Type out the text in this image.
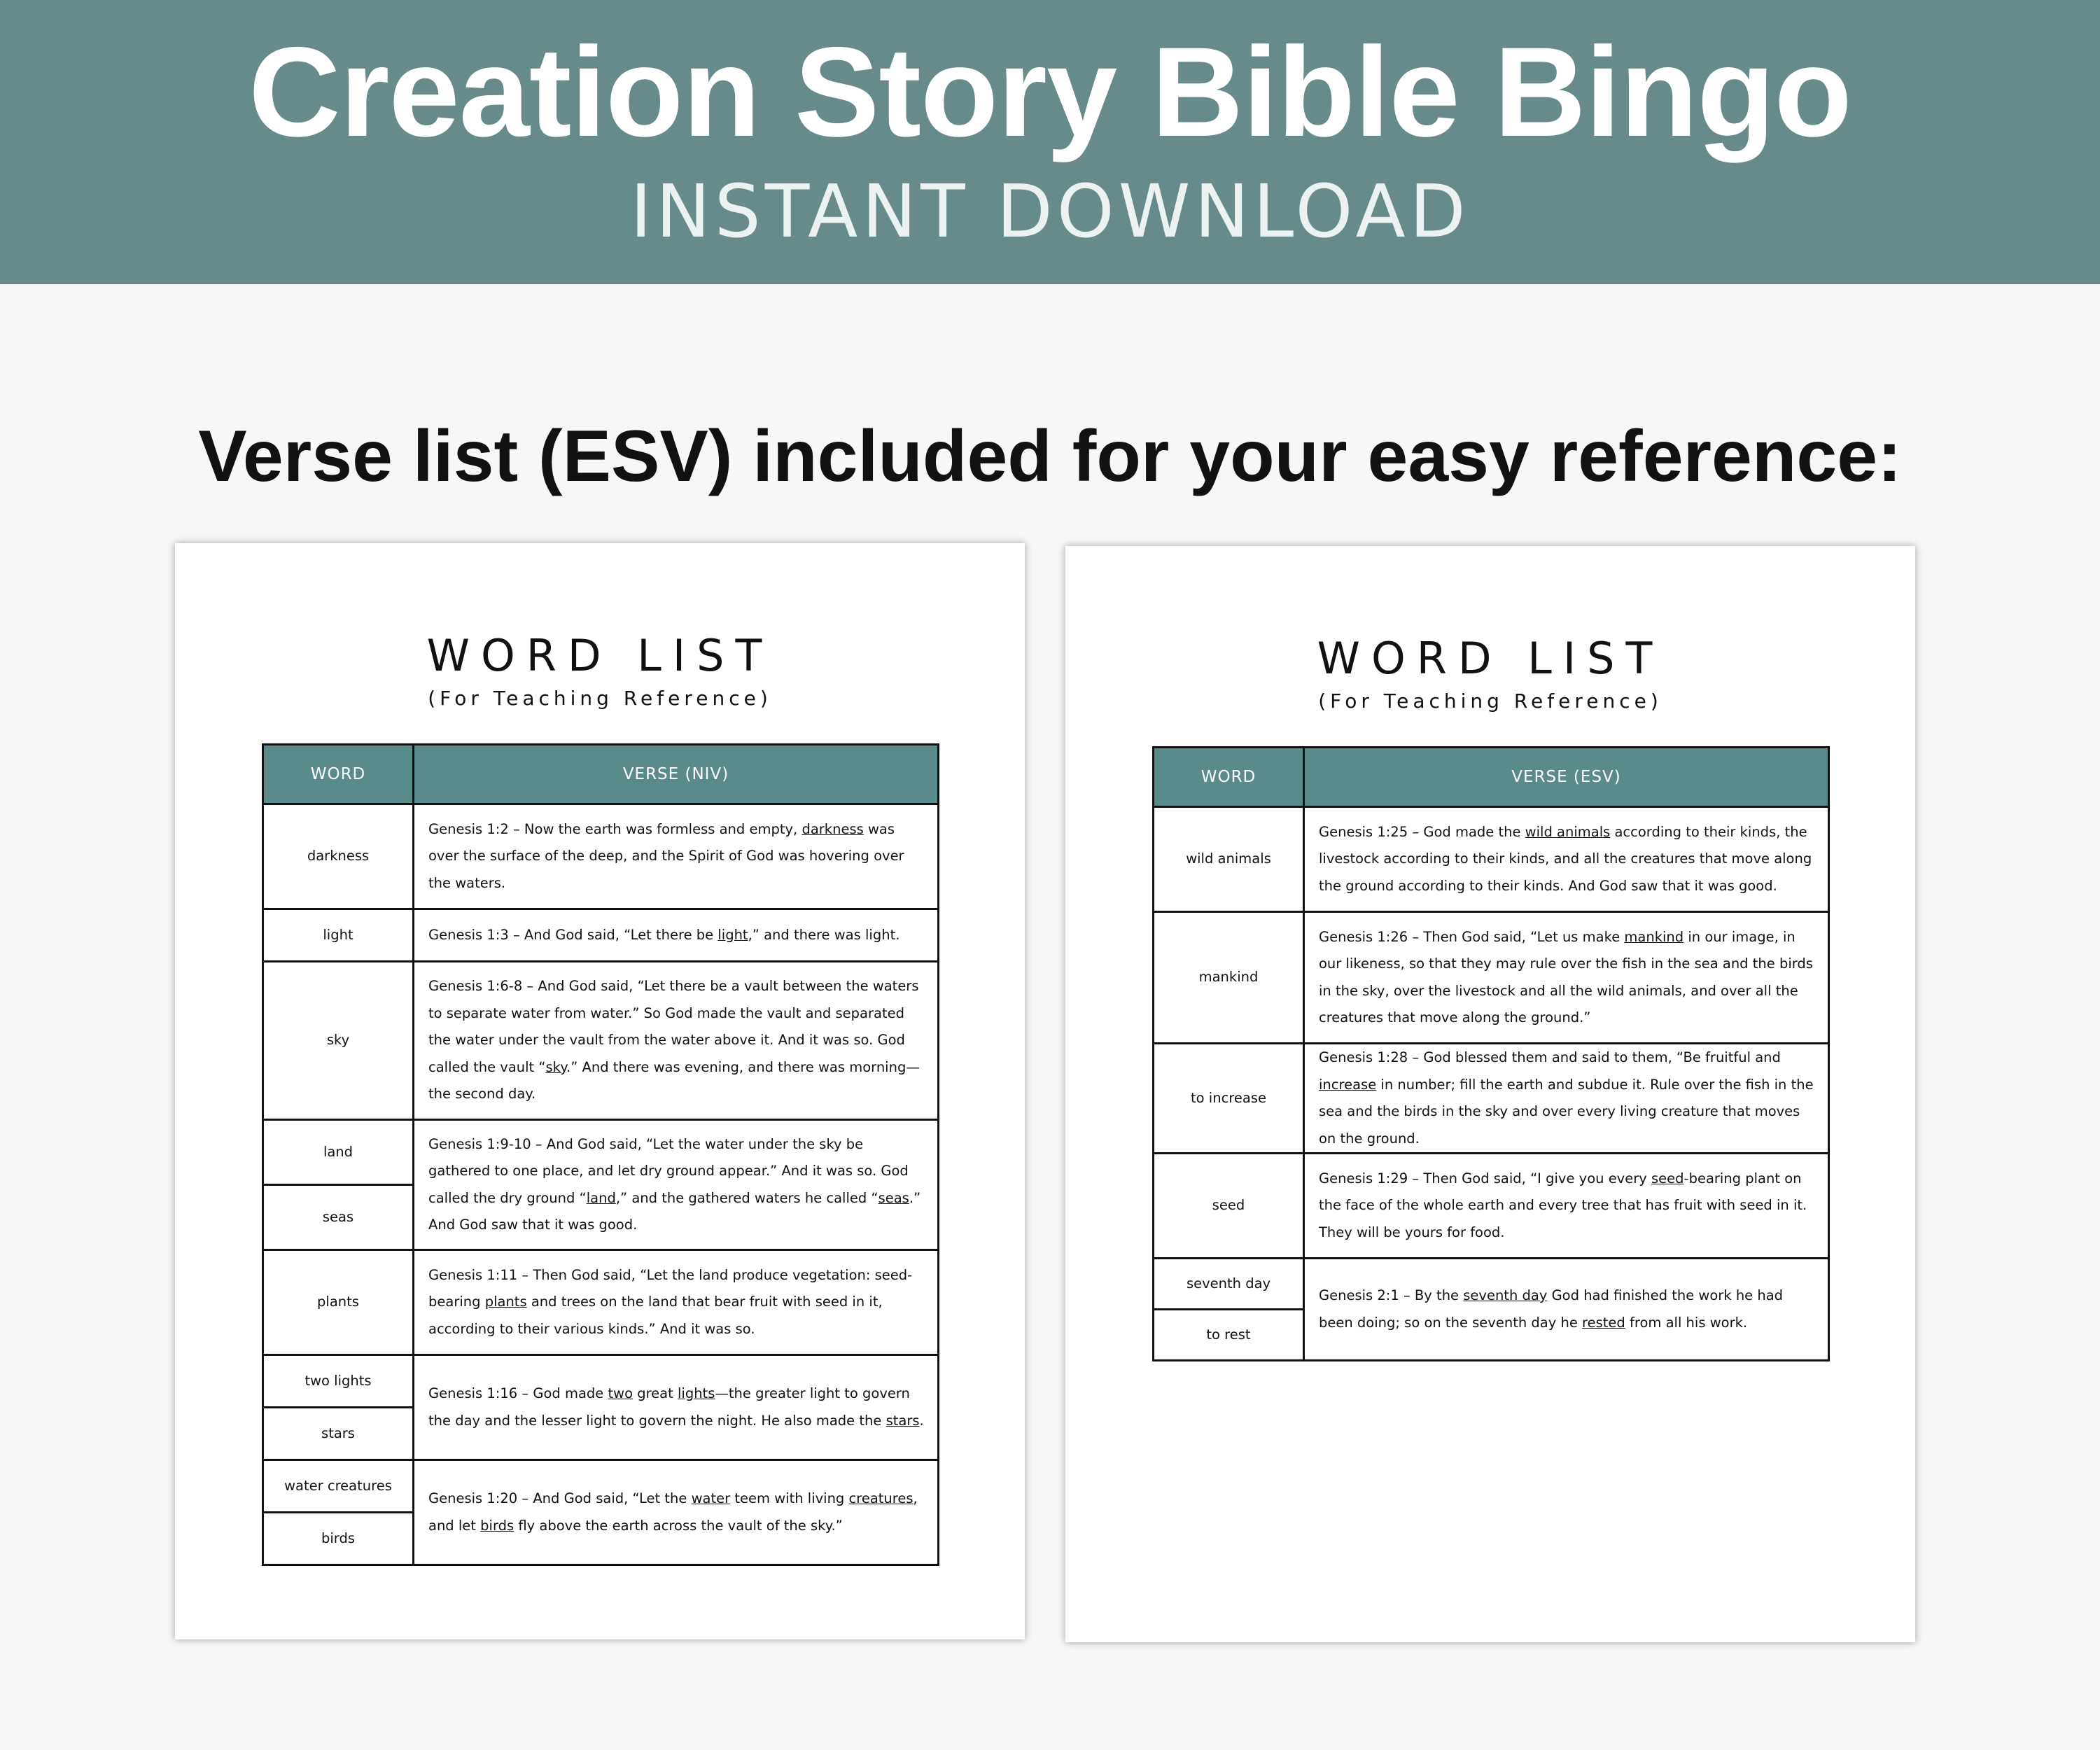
Creation Story Bible Bingo
INSTANT DOWNLOAD
Verse list (ESV) included for your easy reference:
WORD LIST
(For Teaching Reference)
WORD	VERSE (NIV)
darkness	Genesis 1:2 – Now the earth was formless and empty, darkness was over the surface of the deep, and the Spirit of God was hovering over the waters.
light	Genesis 1:3 – And God said, “Let there be light,” and there was light.
sky	Genesis 1:6-8 – And God said, “Let there be a vault between the waters to separate water from water.” So God made the vault and separated the water under the vault from the water above it. And it was so. God called the vault “sky.” And there was evening, and there was morning—the second day.
land	Genesis 1:9-10 – And God said, “Let the water under the sky be gathered to one place, and let dry ground appear.” And it was so. God called the dry ground “land,” and the gathered waters he called “seas.” And God saw that it was good.
seas	
plants	Genesis 1:11 – Then God said, “Let the land produce vegetation: seed-bearing plants and trees on the land that bear fruit with seed in it, according to their various kinds.” And it was so.
two lights	Genesis 1:16 – God made two great lights—the greater light to govern the day and the lesser light to govern the night. He also made the stars.
stars	
water creatures	Genesis 1:20 – And God said, “Let the water teem with living creatures, and let birds fly above the earth across the vault of the sky.”
birds	
WORD LIST
(For Teaching Reference)
WORD	VERSE (ESV)
wild animals	Genesis 1:25 – God made the wild animals according to their kinds, the livestock according to their kinds, and all the creatures that move along the ground according to their kinds. And God saw that it was good.
mankind	Genesis 1:26 – Then God said, “Let us make mankind in our image, in our likeness, so that they may rule over the fish in the sea and the birds in the sky, over the livestock and all the wild animals, and over all the creatures that move along the ground.”
to increase	Genesis 1:28 – God blessed them and said to them, “Be fruitful and increase in number; fill the earth and subdue it. Rule over the fish in the sea and the birds in the sky and over every living creature that moves on the ground.
seed	Genesis 1:29 – Then God said, “I give you every seed-bearing plant on the face of the whole earth and every tree that has fruit with seed in it. They will be yours for food.
seventh day	Genesis 2:1 – By the seventh day God had finished the work he had been doing; so on the seventh day he rested from all his work.
to rest	
